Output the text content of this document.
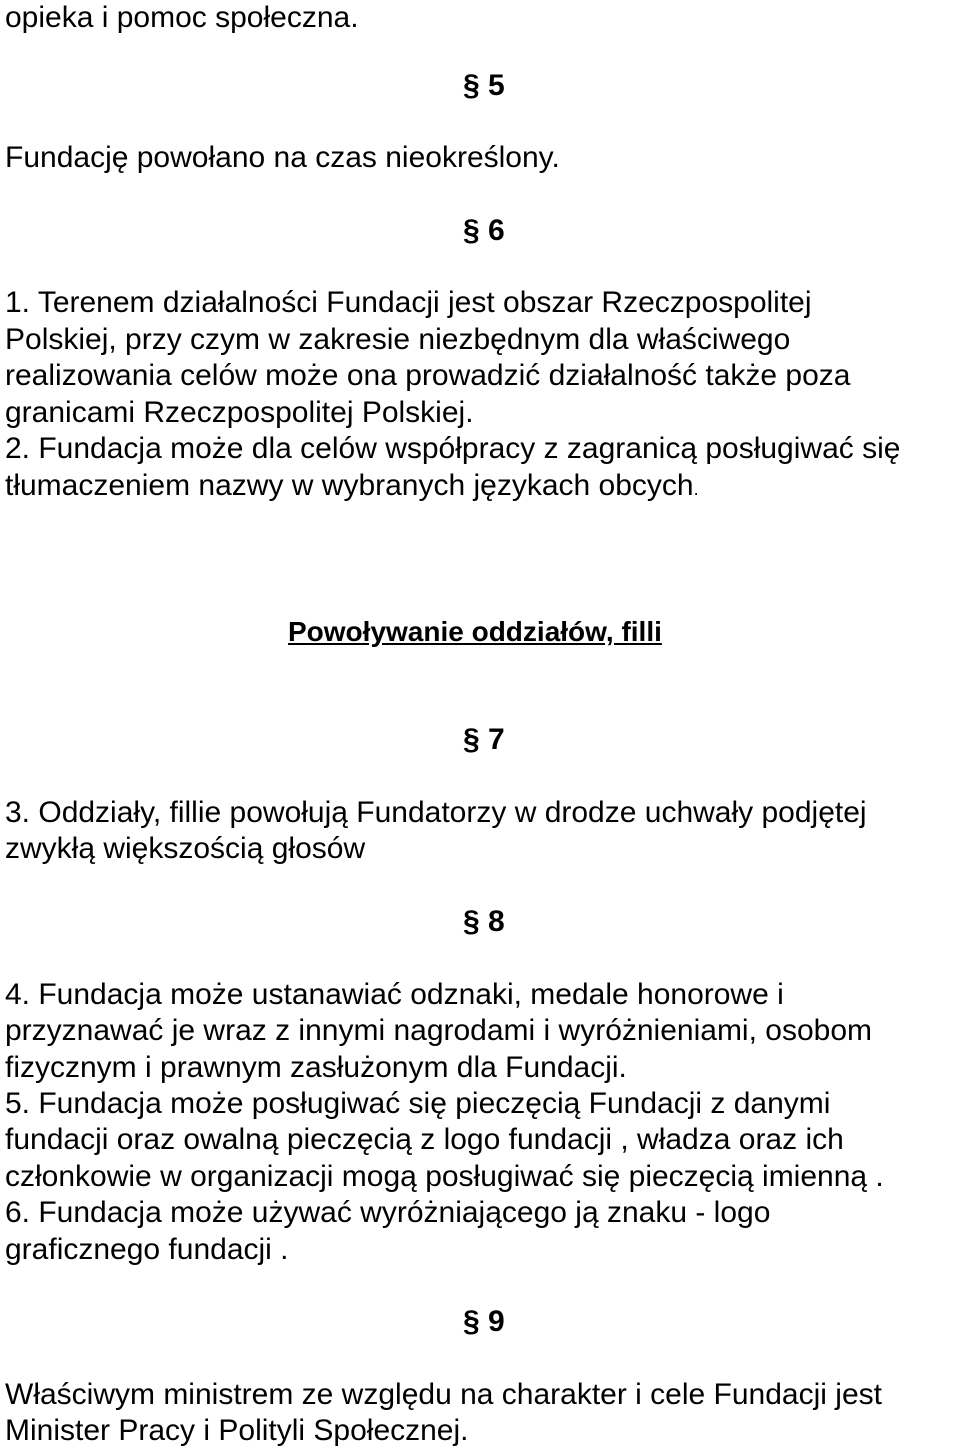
opieka i pomoc społeczna.
§ 5
Fundację powołano na czas nieokreślony.
§ 6
1. Terenem działalności Fundacji jest obszar Rzeczpospolitej
Polskiej, przy czym w zakresie niezbędnym dla właściwego
realizowania celów może ona prowadzić działalność także poza
granicami Rzeczpospolitej Polskiej.
2. Fundacja może dla celów współpracy z zagranicą posługiwać się
tłumaczeniem nazwy w wybranych językach obcych.
Powoływanie oddziałów, filli
§ 7
3. Oddziały, fillie powołują Fundatorzy w drodze uchwały podjętej
zwykłą większością głosów
§ 8
4. Fundacja może ustanawiać odznaki, medale honorowe i
przyznawać je wraz z innymi nagrodami i wyróżnieniami, osobom
fizycznym i prawnym zasłużonym dla Fundacji.
5. Fundacja może posługiwać się pieczęcią Fundacji z danymi
fundacji oraz owalną pieczęcią z logo fundacji , władza oraz ich
członkowie w organizacji mogą posługiwać się pieczęcią imienną .
6. Fundacja może używać wyróżniającego ją znaku - logo
graficznego fundacji .
§ 9
Właściwym ministrem ze względu na charakter i cele Fundacji jest
Minister Pracy i Polityli Społecznej.
